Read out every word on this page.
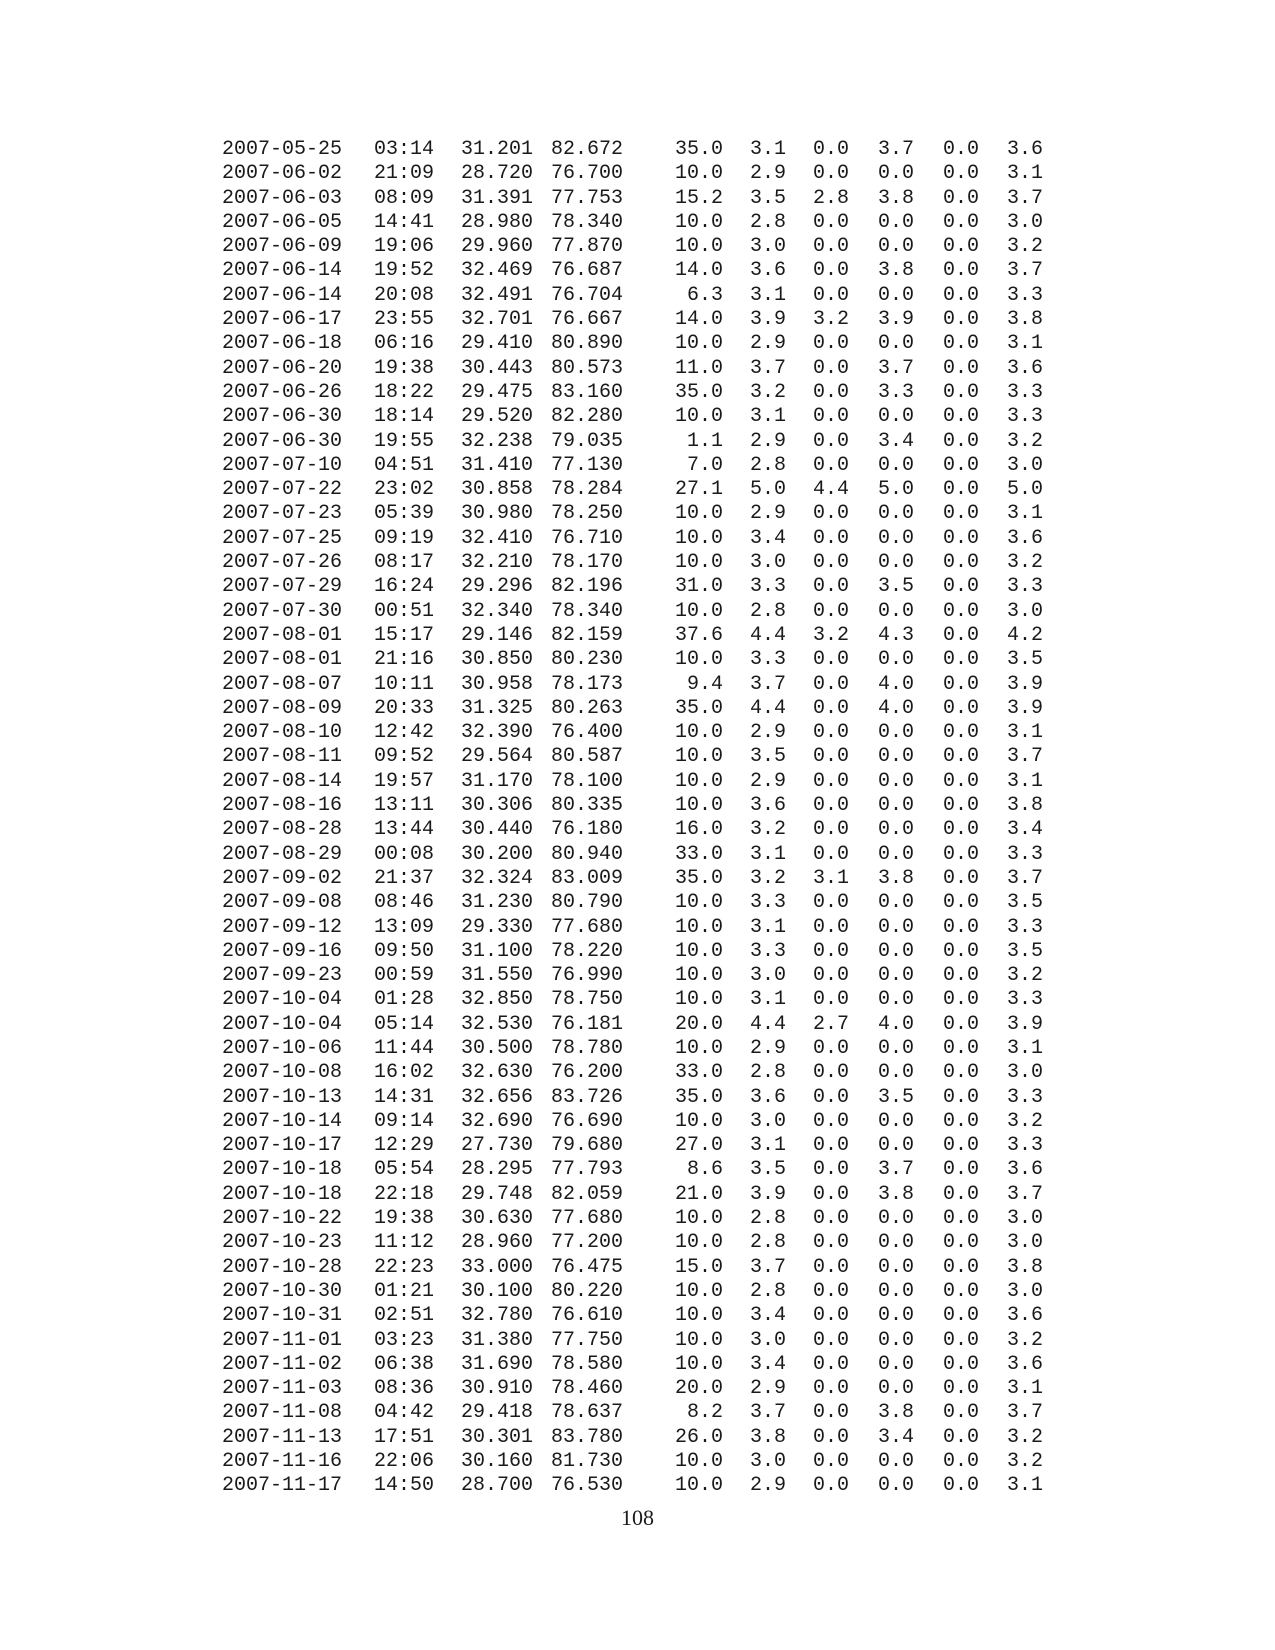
2007-05-25 03:14 31.201 82.672	35.0 3.1 0.0 3.7 0.0 3.6
2007-06-02 21:09 28.720 76.700	10.0 2.9 0.0 0.0 0.0 3.1
2007-06-03 08:09 31.391 77.753	15.2 3.5 2.8 3.8 0.0 3.7
2007-06-05 14:41 28.980 78.340	10.0 2.8 0.0 0.0 0.0 3.0
2007-06-09 19:06 29.960 77.870	10.0 3.0 0.0 0.0 0.0 3.2
2007-06-14 19:52 32.469 76.687	14.0 3.6 0.0 3.8 0.0 3.7
2007-06-14 20:08 32.491 76.704	6.3 3.1 0.0 0.0 0.0 3.3
2007-06-17 23:55 32.701 76.667	14.0 3.9 3.2 3.9 0.0 3.8
2007-06-18 06:16 29.410 80.890	10.0 2.9 0.0 0.0 0.0 3.1
2007-06-20 19:38 30.443 80.573	11.0 3.7 0.0 3.7 0.0 3.6
2007-06-26 18:22 29.475 83.160	35.0 3.2 0.0 3.3 0.0 3.3
2007-06-30 18:14 29.520 82.280	10.0 3.1 0.0 0.0 0.0 3.3
2007-06-30 19:55 32.238 79.035	1.1 2.9 0.0 3.4 0.0 3.2
2007-07-10 04:51 31.410 77.130	7.0 2.8 0.0 0.0 0.0 3.0
2007-07-22 23:02 30.858 78.284	27.1 5.0 4.4 5.0 0.0 5.0
2007-07-23 05:39 30.980 78.250	10.0 2.9 0.0 0.0 0.0 3.1
2007-07-25 09:19 32.410 76.710	10.0 3.4 0.0 0.0 0.0 3.6
2007-07-26 08:17 32.210 78.170	10.0 3.0 0.0 0.0 0.0 3.2
2007-07-29 16:24 29.296 82.196	31.0 3.3 0.0 3.5 0.0 3.3
2007-07-30 00:51 32.340 78.340	10.0 2.8 0.0 0.0 0.0 3.0
2007-08-01 15:17 29.146 82.159	37.6 4.4 3.2 4.3 0.0 4.2
2007-08-01 21:16 30.850 80.230	10.0 3.3 0.0 0.0 0.0 3.5
2007-08-07 10:11 30.958 78.173	9.4 3.7 0.0 4.0 0.0 3.9
2007-08-09 20:33 31.325 80.263	35.0 4.4 0.0 4.0 0.0 3.9
2007-08-10 12:42 32.390 76.400	10.0 2.9 0.0 0.0 0.0 3.1
2007-08-11 09:52 29.564 80.587	10.0 3.5 0.0 0.0 0.0 3.7
2007-08-14 19:57 31.170 78.100	10.0 2.9 0.0 0.0 0.0 3.1
2007-08-16 13:11 30.306 80.335	10.0 3.6 0.0 0.0 0.0 3.8
2007-08-28 13:44 30.440 76.180	16.0 3.2 0.0 0.0 0.0 3.4
2007-08-29 00:08 30.200 80.940	33.0 3.1 0.0 0.0 0.0 3.3
2007-09-02 21:37 32.324 83.009	35.0 3.2 3.1 3.8 0.0 3.7
2007-09-08 08:46 31.230 80.790	10.0 3.3 0.0 0.0 0.0 3.5
2007-09-12 13:09 29.330 77.680	10.0 3.1 0.0 0.0 0.0 3.3
2007-09-16 09:50 31.100 78.220	10.0 3.3 0.0 0.0 0.0 3.5
2007-09-23 00:59 31.550 76.990	10.0 3.0 0.0 0.0 0.0 3.2
2007-10-04 01:28 32.850 78.750	10.0 3.1 0.0 0.0 0.0 3.3
2007-10-04 05:14 32.530 76.181	20.0 4.4 2.7 4.0 0.0 3.9
2007-10-06 11:44 30.500 78.780	10.0 2.9 0.0 0.0 0.0 3.1
2007-10-08 16:02 32.630 76.200	33.0 2.8 0.0 0.0 0.0 3.0
2007-10-13 14:31 32.656 83.726	35.0 3.6 0.0 3.5 0.0 3.3
2007-10-14 09:14 32.690 76.690	10.0 3.0 0.0 0.0 0.0 3.2
2007-10-17 12:29 27.730 79.680	27.0 3.1 0.0 0.0 0.0 3.3
2007-10-18 05:54 28.295 77.793	8.6 3.5 0.0 3.7 0.0 3.6
2007-10-18 22:18 29.748 82.059	21.0 3.9 0.0 3.8 0.0 3.7
2007-10-22 19:38 30.630 77.680	10.0 2.8 0.0 0.0 0.0 3.0
2007-10-23 11:12 28.960 77.200	10.0 2.8 0.0 0.0 0.0 3.0
2007-10-28 22:23 33.000 76.475	15.0 3.7 0.0 0.0 0.0 3.8
2007-10-30 01:21 30.100 80.220	10.0 2.8 0.0 0.0 0.0 3.0
2007-10-31 02:51 32.780 76.610	10.0 3.4 0.0 0.0 0.0 3.6
2007-11-01 03:23 31.380 77.750	10.0 3.0 0.0 0.0 0.0 3.2
2007-11-02 06:38 31.690 78.580	10.0 3.4 0.0 0.0 0.0 3.6
2007-11-03 08:36 30.910 78.460	20.0 2.9 0.0 0.0 0.0 3.1
2007-11-08 04:42 29.418 78.637	8.2 3.7 0.0 3.8 0.0 3.7
2007-11-13 17:51 30.301 83.780	26.0 3.8 0.0 3.4 0.0 3.2
2007-11-16 22:06 30.160 81.730	10.0 3.0 0.0 0.0 0.0 3.2
2007-11-17 14:50 28.700 76.530	10.0 2.9 0.0 0.0 0.0 3.1
108
